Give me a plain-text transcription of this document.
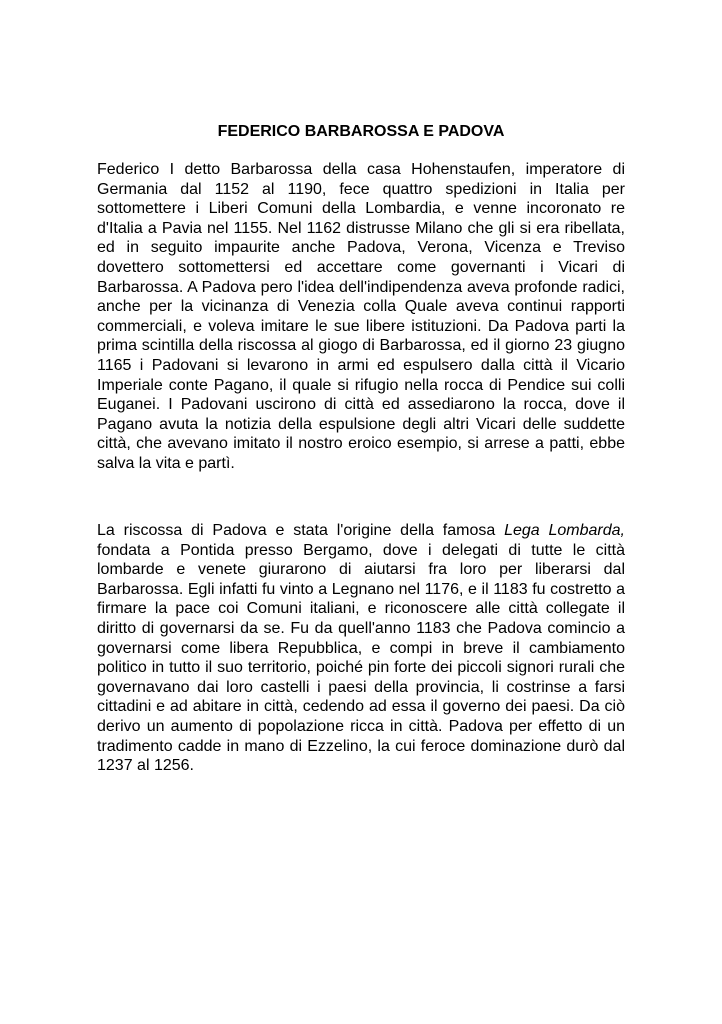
FEDERICO BARBAROSSA E PADOVA

Federico I detto Barbarossa della casa Hohenstaufen, imperatore di Germania dal 1152 al 1190, fece quattro spedizioni in Italia per sottomettere i Liberi Comuni della Lombardia, e venne incoronato re d'Italia a Pavia nel 1155. Nel 1162 distrusse Milano che gli si era ribellata, ed in seguito impaurite anche Padova, Verona, Vicenza e Treviso dovettero sottomettersi ed accettare come governanti i Vicari di Barbarossa. A Padova pero l'idea dell'indipendenza aveva profonde radici, anche per la vicinanza di Venezia colla Quale aveva continui rapporti commerciali, e voleva imitare le sue libere istituzioni. Da Padova parti la prima scintilla della riscossa al giogo di Barbarossa, ed il giorno 23 giugno 1165 i Padovani si levarono in armi ed espulsero dalla città il Vicario Imperiale conte Pagano, il quale si rifugio nella rocca di Pendice sui colli Euganei. I Padovani uscirono di città ed assediarono la rocca, dove il Pagano avuta la notizia della espulsione degli altri Vicari delle suddette città, che avevano imitato il nostro eroico esempio, si arrese a patti, ebbe salva la vita e partì.

La riscossa di Padova e stata l'origine della famosa Lega Lombarda, fondata a Pontida presso Bergamo, dove i delegati di tutte le città lombarde e venete giurarono di aiutarsi fra loro per liberarsi dal Barbarossa. Egli infatti fu vinto a Legnano nel 1176, e il 1183 fu costretto a firmare la pace coi Comuni italiani, e riconoscere alle città collegate il diritto di governarsi da se. Fu da quell'anno 1183 che Padova comincio a governarsi come libera Repubblica, e compi in breve il cambiamento politico in tutto il suo territorio, poiché pin forte dei piccoli signori rurali che governavano dai loro castelli i paesi della provincia, li costrinse a farsi cittadini e ad abitare in città, cedendo ad essa il governo dei paesi. Da ciò derivo un aumento di popolazione ricca in città. Padova per effetto di un tradimento cadde in mano di Ezzelino, la cui feroce dominazione durò dal 1237 al 1256.
